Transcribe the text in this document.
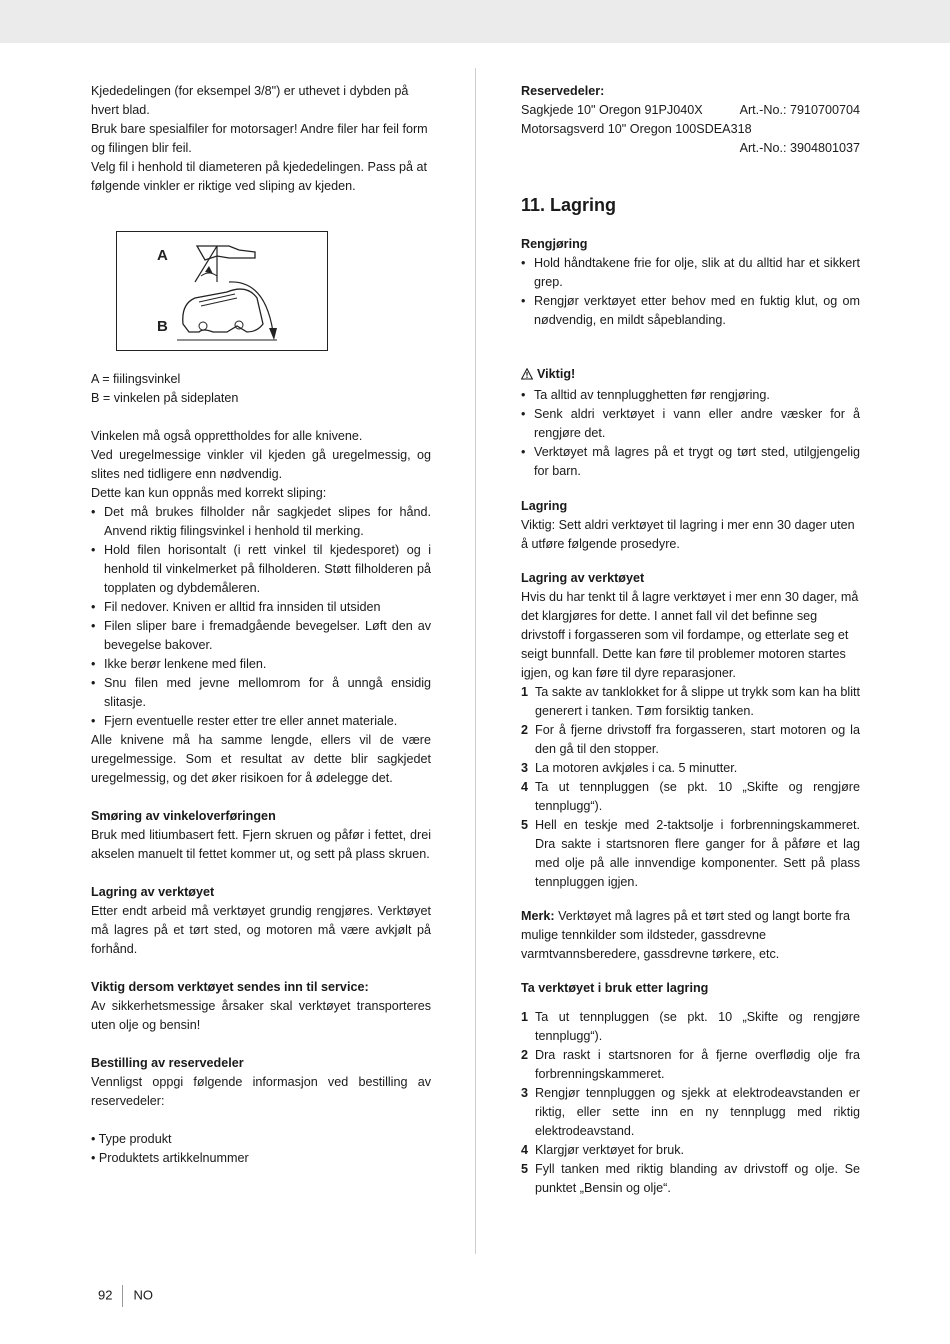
Kjededelingen (for eksempel 3/8") er uthevet i dybden på hvert blad.

Bruk bare spesialfiler for motorsager! Andre filer har feil form og filingen blir feil.

Velg fil i henhold til diameteren på kjededelingen. Pass på at følgende vinkler er riktige ved sliping av kjeden.

A
B

A = fiilingsvinkel

B = vinkelen på sideplaten

Vinkelen må også opprettholdes for alle knivene.

Ved uregelmessige vinkler vil kjeden gå uregelmessig, og slites ned tidligere enn nødvendig.

Dette kan kun oppnås med korrekt sliping:

• Det må brukes filholder når sagkjedet slipes for hånd. Anvend riktig filingsvinkel i henhold til merking.
• Hold filen horisontalt (i rett vinkel til kjedesporet) og i henhold til vinkelmerket på filholderen. Støtt filholderen på topplaten og dybdemåleren.
• Fil nedover. Kniven er alltid fra innsiden til utsiden
• Filen sliper bare i fremadgående bevegelser. Løft den av bevegelse bakover.
• Ikke berør lenkene med filen.
• Snu filen med jevne mellomrom for å unngå ensidig slitasje.
• Fjern eventuelle rester etter tre eller annet materiale.

Alle knivene må ha samme lengde, ellers vil de være uregelmessige. Som et resultat av dette blir sagkjedet uregelmessig, og det øker risikoen for å ødelegge det.

Smøring av vinkeloverføringen

Bruk med litiumbasert fett. Fjern skruen og påfør i fettet, drei akselen manuelt til fettet kommer ut, og sett på plass skruen.

Lagring av verktøyet

Etter endt arbeid må verktøyet grundig rengjøres. Verktøyet må lagres på et tørt sted, og motoren må være avkjølt på forhånd.

Viktig dersom verktøyet sendes inn til service:

Av sikkerhetsmessige årsaker skal verktøyet transporteres uten olje og bensin!

Bestilling av reservedeler

Vennligst oppgi følgende informasjon ved bestilling av reservedeler:

• Type produkt
• Produktets artikkelnummer

Reservedeler:

Sagkjede 10" Oregon 91PJ040X	Art.-No.: 7910700704

Motorsagsverd 10" Oregon 100SDEA318

Art.-No.: 3904801037

11. Lagring

Rengjøring

• Hold håndtakene frie for olje, slik at du alltid har et sikkert grep.
• Rengjør verktøyet etter behov med en fuktig klut, og om nødvendig, en mildt såpeblanding.

Viktig!

• Ta alltid av tennplugghetten før rengjøring.
• Senk aldri verktøyet i vann eller andre væsker for å rengjøre det.
• Verktøyet må lagres på et trygt og tørt sted, utilgjengelig for barn.

Lagring

Viktig: Sett aldri verktøyet til lagring i mer enn 30 dager uten å utføre følgende prosedyre.

Lagring av verktøyet

Hvis du har tenkt til å lagre verktøyet i mer enn 30 dager, må det klargjøres for dette. I annet fall vil det befinne seg drivstoff i forgasseren som vil fordampe, og etterlate seg et seigt bunnfall. Dette kan føre til problemer motoren startes igjen, og kan føre til dyre reparasjoner.

1 Ta sakte av tanklokket for å slippe ut trykk som kan ha blitt generert i tanken. Tøm forsiktig tanken.
2 For å fjerne drivstoff fra forgasseren, start motoren og la den gå til den stopper.
3 La motoren avkjøles i ca. 5 minutter.
4 Ta ut tennpluggen (se pkt. 10 „Skifte og rengjøre tennplugg“).
5 Hell en teskje med 2-taktsolje i forbrenningskammeret. Dra sakte i startsnoren flere ganger for å påføre et lag med olje på alle innvendige komponenter. Sett på plass tennpluggen igjen.

Merk: Verktøyet må lagres på et tørt sted og langt borte fra mulige tennkilder som ildsteder, gassdrevne varmtvannsberedere, gassdrevne tørkere, etc.

Ta verktøyet i bruk etter lagring

1 Ta ut tennpluggen (se pkt. 10 „Skifte og rengjøre tennplugg“).
2 Dra raskt i startsnoren for å fjerne overflødig olje fra forbrenningskammeret.
3 Rengjør tennpluggen og sjekk at elektrodeavstanden er riktig, eller sette inn en ny tennplugg med riktig elektrodeavstand.
4 Klargjør verktøyet for bruk.
5 Fyll tanken med riktig blanding av drivstoff og olje. Se punktet „Bensin og olje“.
92 NO
